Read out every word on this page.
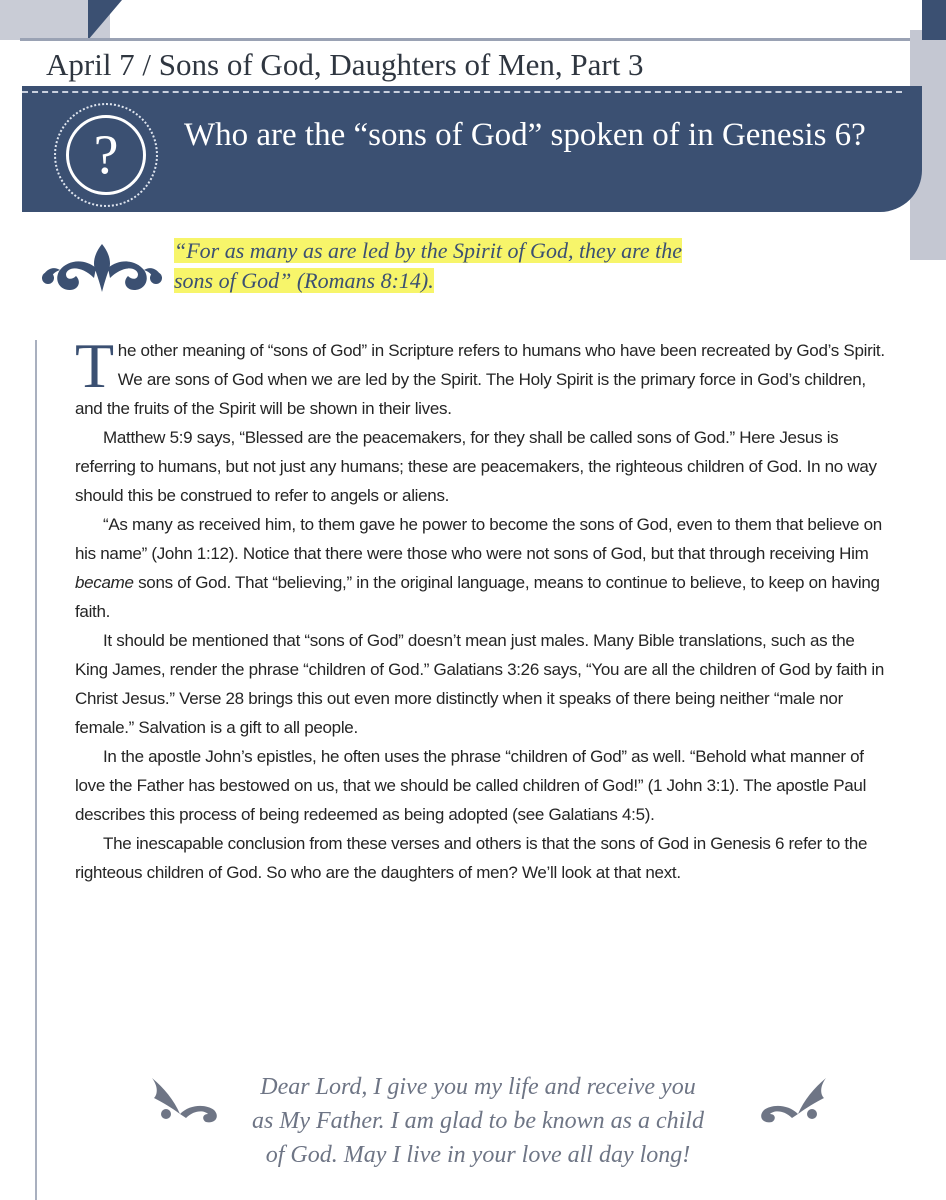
April 7 / Sons of God, Daughters of Men, Part 3
?	Who are the “sons of God” spoken of in Genesis 6?
“For as many as are led by the Spirit of God, they are the
sons of God” (Romans 8:14).

The other meaning of “sons of God” in Scripture refers to humans who have been recreated by God’s Spirit. We are sons of God when we are led by the Spirit. The Holy Spirit is the primary force in God’s children, and the fruits of the Spirit will be shown in their lives.

Matthew 5:9 says, “Blessed are the peacemakers, for they shall be called sons of God.” Here Jesus is referring to humans, but not just any humans; these are peacemakers, the righteous children of God. In no way should this be construed to refer to angels or aliens.

“As many as received him, to them gave he power to become the sons of God, even to them that believe on his name” (John 1:12). Notice that there were those who were not sons of God, but that through receiving Him became sons of God. That “believing,” in the original language, means to continue to believe, to keep on having faith.

It should be mentioned that “sons of God” doesn’t mean just males. Many Bible translations, such as the King James, render the phrase “children of God.” Galatians 3:26 says, “You are all the children of God by faith in Christ Jesus.” Verse 28 brings this out even more distinctly when it speaks of there being neither “male nor female.” Salvation is a gift to all people.

In the apostle John’s epistles, he often uses the phrase “children of God” as well. “Behold what manner of love the Father has bestowed on us, that we should be called children of God!” (1 John 3:1). The apostle Paul describes this process of being redeemed as being adopted (see Galatians 4:5).

The inescapable conclusion from these verses and others is that the sons of God in Genesis 6 refer to the righteous children of God. So who are the daughters of men? We’ll look at that next.

Dear Lord, I give you my life and receive you
as My Father. I am glad to be known as a child
of God. May I live in your love all day long!
